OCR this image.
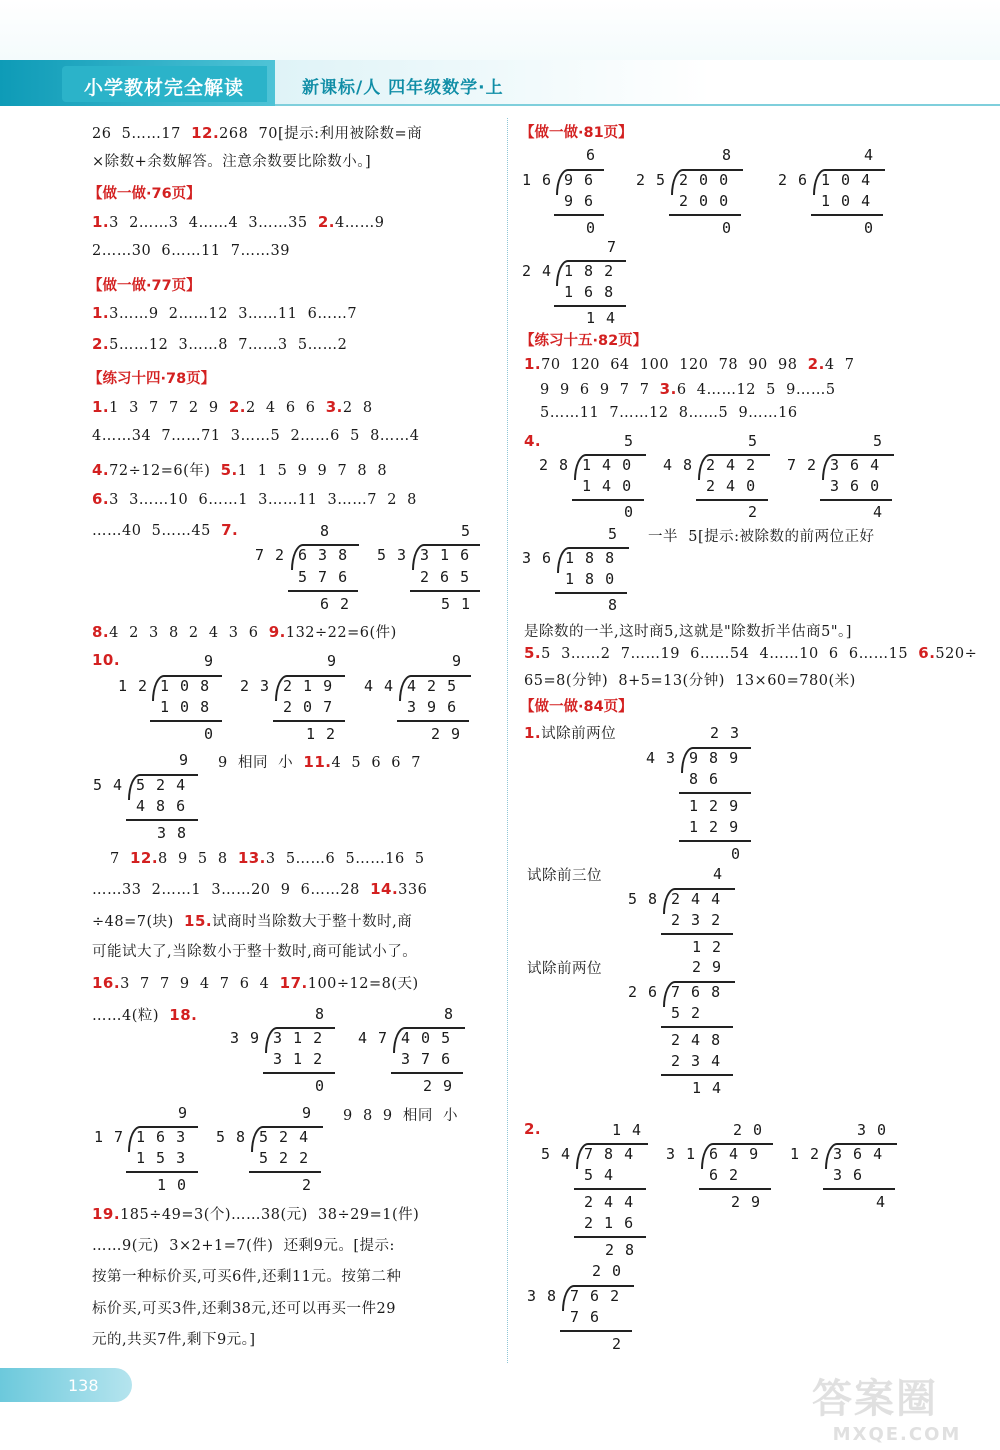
小学教材完全解读	新课标/人 四年级数学·上
26  5……17  12.268  70[提示:利用被除数=商
×除数+余数解答。注意余数要比除数小。]
【做一做·76页】
1.3  2……3  4……4  3……35  2.4……9
2……30  6……11  7……39
【做一做·77页】
1.3……9  2……12  3……11  6……7
2.5……12  3……8  7……3  5……2
【练习十四·78页】
1.1  3  7  7  2  9  2.2  4  6  6  3.2  8
4……34  7……71  3……5  2……6  5  8……4
4.72÷12=6(年)  5.1  1  5  9  9  7  8  8
6.3  3……10  6……1  3……11  3……7  2  8
……40  5……45  7.	8
7 2 6 3 8
5 7 6
6 2
5
5 3 3 1 6
2 6 5
5 1
8.4  2  3  8  2  4  3  6  9.132÷22=6(件)
10.	9
1 2 1 0 8
1 0 8
0
9
2 3 2 1 9
2 0 7
1 2
9
4 4 4 2 5
3 9 6
2 9
9
5 4 5 2 4
4 8 6
3 8
9  相同  小  11.4  5  6  6  7
7  12.8  9  5  8  13.3  5……6  5……16  5
……33  2……1  3……20  9  6……28  14.336
÷48=7(块)  15.试商时当除数大于整十数时,商
可能试大了,当除数小于整十数时,商可能试小了。
16.3  7  7  9  4  7  6  4  17.100÷12=8(天)
……4(粒)  18.	8
3 9 3 1 2
3 1 2
0
8
4 7 4 0 5
3 7 6
2 9
9
1 7 1 6 3
1 5 3
1 0
9
5 8 5 2 4
5 2 2
2
9  8  9  相同  小
19.185÷49=3(个)……38(元)  38÷29=1(件)
……9(元)  3×2+1=7(件)  还剩9元。[提示:
按第一种标价买,可买6件,还剩11元。按第二种
标价买,可买3件,还剩38元,还可以再买一件29
元的,共买7件,剩下9元。]
【做一做·81页】
6
1 6 9 6
9 6
0
8
2 5 2 0 0
2 0 0
0
4
2 6 1 0 4
1 0 4
0
7
2 4 1 8 2
1 6 8
1 4
【练习十五·82页】
1.70  120  64  100  120  78  90  98  2.4  7
9  9  6  9  7  7  3.6  4……12  5  9……5
5……11  7……12  8……5  9……16
4.	5
2 8 1 4 0
1 4 0
0
5
4 8 2 4 2
2 4 0
2
5
7 2 3 6 4
3 6 0
4
5
3 6 1 8 8
1 8 0
8
一半  5[提示:被除数的前两位正好
是除数的一半,这时商5,这就是"除数折半估商5"。]
5.5  3……2  7……19  6……54  4……10  6  6……15  6.520÷
65=8(分钟)  8+5=13(分钟)  13×60=780(米)
【做一做·84页】
1.试除前两位	2 3
4 3 9 8 9
8 6
1 2 9
1 2 9
0
试除前三位	4
5 8 2 4 4
2 3 2
1 2
试除前两位	2 9
2 6 7 6 8
5 2
2 4 8
2 3 4
1 4
2.	1 4
5 4 7 8 4
5 4
2 4 4
2 1 6
2 8
2 0
3 1 6 4 9
6 2
2 9
3 0
1 2 3 6 4
3 6
4
2 0
3 8 7 6 2
7 6
2
138	答案圈
MXQE.COM
